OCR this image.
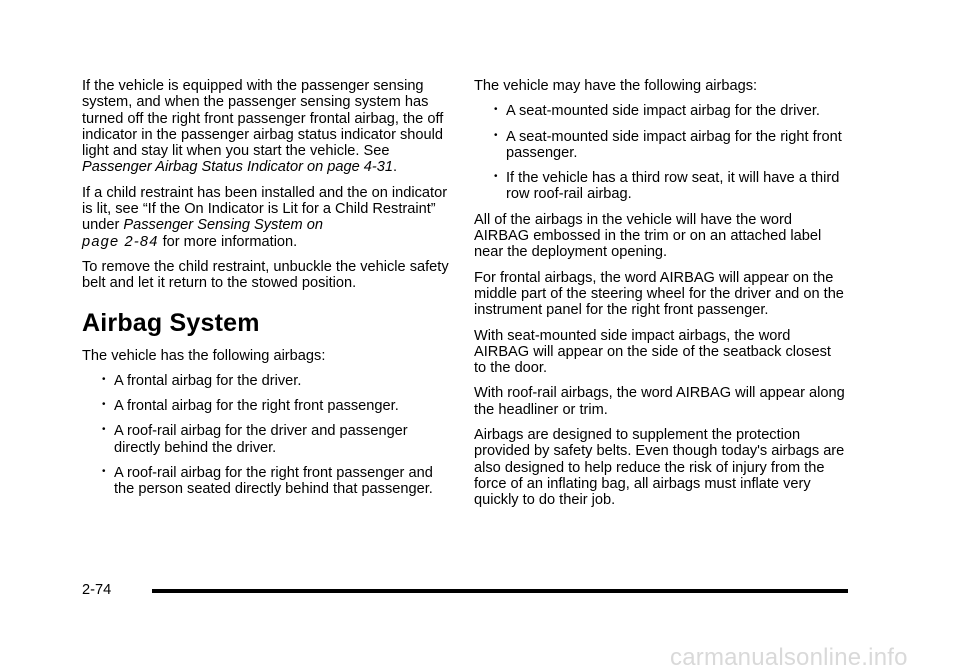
If the vehicle is equipped with the passenger sensing system, and when the passenger sensing system has turned off the right front passenger frontal airbag, the off indicator in the passenger airbag status indicator should light and stay lit when you start the vehicle. See Passenger Airbag Status Indicator on page 4-31.

If a child restraint has been installed and the on indicator is lit, see “If the On Indicator is Lit for a Child Restraint” under Passenger Sensing System on
page 2-84 for more information.

To remove the child restraint, unbuckle the vehicle safety belt and let it return to the stowed position.

Airbag System

The vehicle has the following airbags:

• A frontal airbag for the driver.
• A frontal airbag for the right front passenger.
• A roof-rail airbag for the driver and passenger directly behind the driver.
• A roof-rail airbag for the right front passenger and the person seated directly behind that passenger.

The vehicle may have the following airbags:

• A seat-mounted side impact airbag for the driver.
• A seat-mounted side impact airbag for the right front passenger.
• If the vehicle has a third row seat, it will have a third row roof-rail airbag.

All of the airbags in the vehicle will have the word AIRBAG embossed in the trim or on an attached label near the deployment opening.

For frontal airbags, the word AIRBAG will appear on the middle part of the steering wheel for the driver and on the instrument panel for the right front passenger.

With seat-mounted side impact airbags, the word AIRBAG will appear on the side of the seatback closest to the door.

With roof-rail airbags, the word AIRBAG will appear along the headliner or trim.

Airbags are designed to supplement the protection provided by safety belts. Even though today's airbags are also designed to help reduce the risk of injury from the force of an inflating bag, all airbags must inflate very quickly to do their job.

2-74
carmanualsonline.info
